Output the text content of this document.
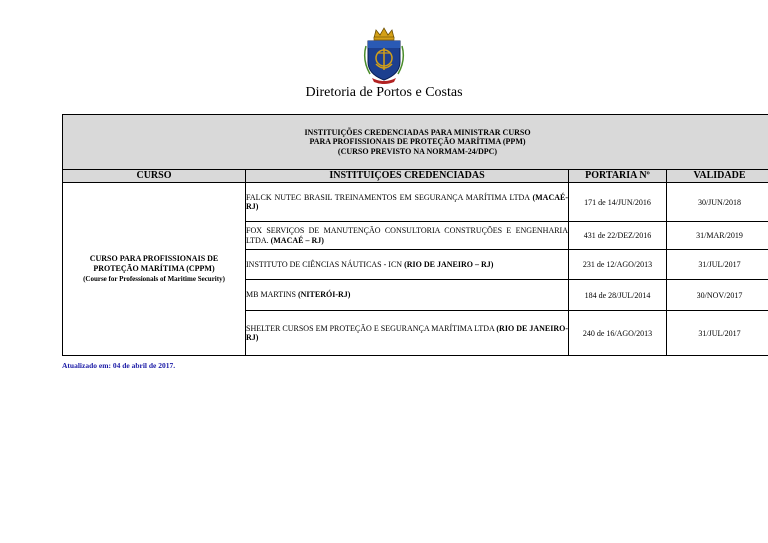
Diretoria de Portos e Costas
INSTITUIÇÕES CREDENCIADAS PARA MINISTRAR CURSO
PARA PROFISSIONAIS DE PROTEÇÃO MARÍTIMA (PPM)
(CURSO PREVISTO NA NORMAM-24/DPC)			

CURSO	INSTITUIÇOES CREDENCIADAS	PORTARIA Nº	VALIDADE
CURSO PARA PROFISSIONAIS DE
PROTEÇÃO MARÍTIMA (CPPM)
(Course for Professionals of Maritime Security)	FALCK NUTEC BRASIL TREINAMENTOS EM SEGURANÇA MARÍTIMA LTDA (MACAÉ-RJ)	171 de 14/JUN/2016	30/JUN/2018
	FOX SERVIÇOS DE MANUTENÇÃO CONSULTORIA CONSTRUÇÕES E ENGENHARIA LTDA. (MACAÉ – RJ)	431 de 22/DEZ/2016	31/MAR/2019
	INSTITUTO DE CIÊNCIAS NÁUTICAS - ICN (RIO DE JANEIRO – RJ)	231 de 12/AGO/2013	31/JUL/2017
	MB MARTINS (NITERÓI-RJ)	184 de 28/JUL/2014	30/NOV/2017
	SHELTER CURSOS EM PROTEÇÃO E SEGURANÇA MARÍTIMA LTDA (RIO DE JANEIRO-RJ)	240 de 16/AGO/2013	31/JUL/2017
Atualizado em: 04 de abril de 2017.
